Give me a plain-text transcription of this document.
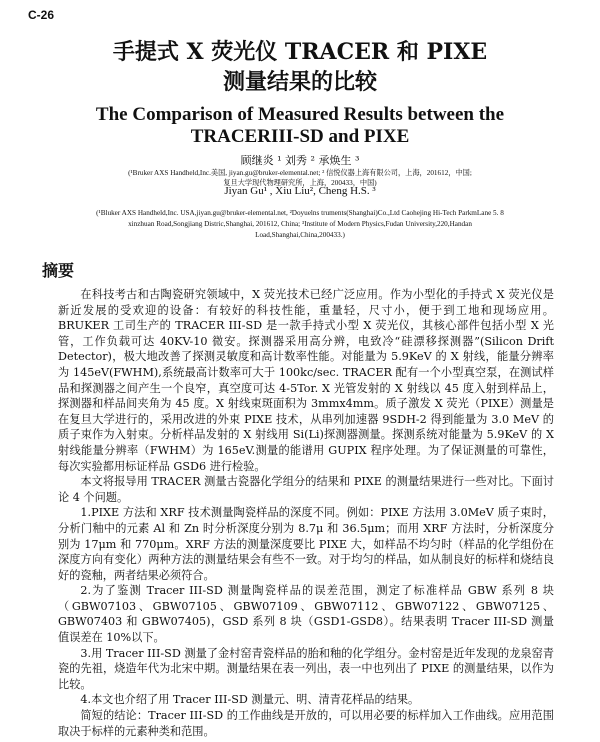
C-26
手提式 X 荧光仪 TRACER 和 PIXE
测量结果的比较
The Comparison of Measured Results between the
TRACERIII-SD and PIXE
顾继炎 ¹ 刘秀 ² 承焕生 ³
(¹Bruker AXS Handheld,Inc.美国, jiyan.gu@bruker-elemental.net; ² 信悦仪器上海有限公司，上海，201612，中国;
复旦大学现代物理研究所，上海，200433，中国)
Jiyan Gu¹ , Xiu Liu², Cheng H.S. ³
(¹Bluker AXS Handheld,Inc. USA,jiyan.gu@bruker-elemental.net, ²Doyuelns truments(Shanghai)Co.,Ltd Caohejing Hi-Tech ParkmLane 5. 8
xinzhuan Road,Songjiang Distric,Shanghai, 201612, China; ³Institute of Modern Physics,Fudan University,220,Handan
Load,Shanghai,China,200433.)
摘要

在科技考古和古陶瓷研究领域中，X 荧光技术已经广泛应用。作为小型化的手持式 X 荧光仪是新近发展的受欢迎的设备：有较好的科技性能，重量轻，尺寸小，便于到工地和现场应用。BRUKER 工司生产的 TRACER III-SD 是一款手持式小型 X 荧光仪，其核心部件包括小型 X 光管，工作负载可达 40KV-10 微安。探测器采用高分辨，电致冷“硅漂移探测器”(Silicon Drift Detector)，极大地改善了探测灵敏度和高计数率性能。对能量为 5.9KeV 的 X 射线，能量分辨率为 145eV(FWHM),系统最高计数率可大于 100kc/sec. TRACER 配有一个小型真空泵，在测试样品和探测器之间产生一个良窄，真空度可达 4-5Tor. X 光管发射的 X 射线以 45 度入射到样品上，探测器和样品间夹角为 45 度。X 射线束斑面积为 3mmx4mm。质子激发 X 荧光（PIXE）测量是在复旦大学进行的，采用改进的外束 PIXE 技术，从串列加速器 9SDH-2 得到能量为 3.0 MeV 的质子束作为入射束。分析样品发射的 X 射线用 Si(Li)探测器测量。探测系统对能量为 5.9KeV 的 X 射线能量分辨率（FWHM）为 165eV.测量的能谱用 GUPIX 程序处理。为了保证测量的可靠性，每次实验都用标证样品 GSD6 进行检验。

本文将报导用 TRACER 测量古瓷器化学组分的结果和 PIXE 的测量结果进行一些对比。下面讨论 4 个问题。

1.PIXE 方法和 XRF 技术测量陶瓷样品的深度不同。例如：PIXE 方法用 3.0MeV 质子束时，分析门釉中的元素 Al 和 Zn 时分析深度分别为 8.7μ 和 36.5μm；而用 XRF 方法时，分析深度分别为 17μm 和 770μm。XRF 方法的测量深度要比 PIXE 大，如样品不均匀时（样品的化学组份在深度方向有变化）两种方法的测量结果会有些不一致。对于均匀的样品，如从制良好的标样和烧结良好的瓷釉，两者结果必须符合。

2.为了鉴测 Tracer III-SD 测量陶瓷样品的误差范围，测定了标准样品 GBW 系列 8 块（GBW07103、GBW07105、GBW07109、GBW07112、GBW07122、GBW07125、GBW07403 和 GBW07405)，GSD 系列 8 块（GSD1-GSD8）。结果表明 Tracer III-SD 测量值误差在 10%以下。

3.用 Tracer III-SD 测量了金村窑青瓷样品的胎和釉的化学组分。金村窑是近年发现的龙泉窑青瓷的先祖，烧造年代为北宋中期。测量结果在表一列出，表一中也列出了 PIXE 的测量结果，以作为比较。

4.本文也介绍了用 Tracer III-SD 测量元、明、清青花样品的结果。

简短的结论：Tracer III-SD 的工作曲线是开放的，可以用必要的标样加入工作曲线。应用范围取决于标样的元素种类和范围。
